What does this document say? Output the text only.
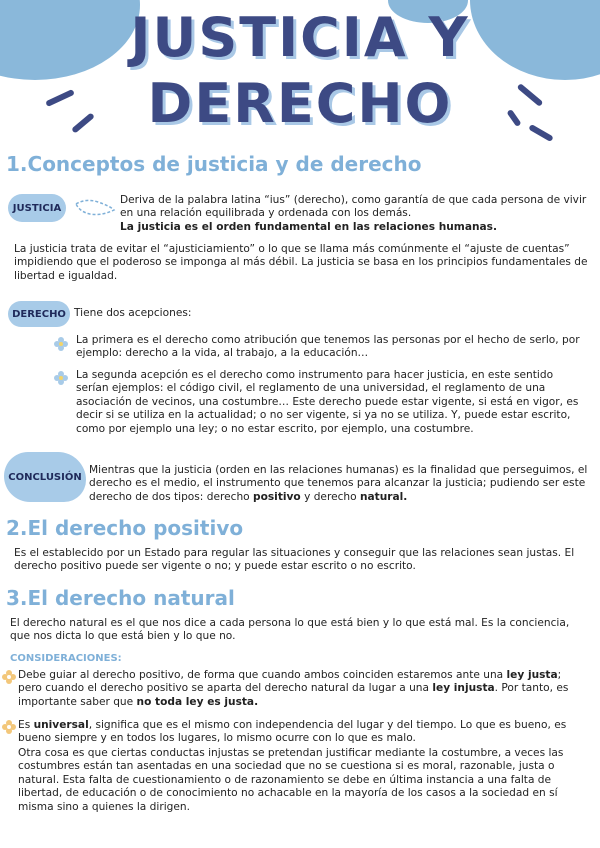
JUSTICIA Y
DERECHO
1.Conceptos de justicia y de derecho
JUSTICIA
Deriva de la palabra latina “ius” (derecho), como garantía de que cada persona de vivir en una relación equilibrada y ordenada con los demás.
La justicia es el orden fundamental en las relaciones humanas.
La justicia trata de evitar el “ajusticiamiento” o lo que se llama más comúnmente el “ajuste de cuentas” impidiendo que el poderoso se imponga al más débil. La justicia se basa en los principios fundamentales de libertad e igualdad.
DERECHO Tiene dos acepciones:
La primera es el derecho como atribución que tenemos las personas por el hecho de serlo, por ejemplo: derecho a la vida, al trabajo, a la educación…
La segunda acepción es el derecho como instrumento para hacer justicia, en este sentido serían ejemplos: el código civil, el reglamento de una universidad, el reglamento de una asociación de vecinos, una costumbre… Este derecho puede estar vigente, si está en vigor, es decir si se utiliza en la actualidad; o no ser vigente, si ya no se utiliza. Y, puede estar escrito, como por ejemplo una ley; o no estar escrito, por ejemplo, una costumbre.
CONCLUSIÓN
Mientras que la justicia (orden en las relaciones humanas) es la finalidad que perseguimos, el derecho es el medio, el instrumento que tenemos para alcanzar la justicia; pudiendo ser este derecho de dos tipos: derecho positivo y derecho natural.
2.El derecho positivo
Es el establecido por un Estado para regular las situaciones y conseguir que las relaciones sean justas. El derecho positivo puede ser vigente o no; y puede estar escrito o no escrito.
3.El derecho natural
El derecho natural es el que nos dice a cada persona lo que está bien y lo que está mal. Es la conciencia, que nos dicta lo que está bien y lo que no.
CONSIDERACIONES:
Debe guiar al derecho positivo, de forma que cuando ambos coinciden estaremos ante una ley justa; pero cuando el derecho positivo se aparta del derecho natural da lugar a una ley injusta. Por tanto, es importante saber que no toda ley es justa.
Es universal, significa que es el mismo con independencia del lugar y del tiempo. Lo que es bueno, es bueno siempre y en todos los lugares, lo mismo ocurre con lo que es malo.
Otra cosa es que ciertas conductas injustas se pretendan justificar mediante la costumbre, a veces las costumbres están tan asentadas en una sociedad que no se cuestiona si es moral, razonable, justa o natural. Esta falta de cuestionamiento o de razonamiento se debe en última instancia a una falta de libertad, de educación o de conocimiento no achacable en la mayoría de los casos a la sociedad en sí misma sino a quienes la dirigen.
